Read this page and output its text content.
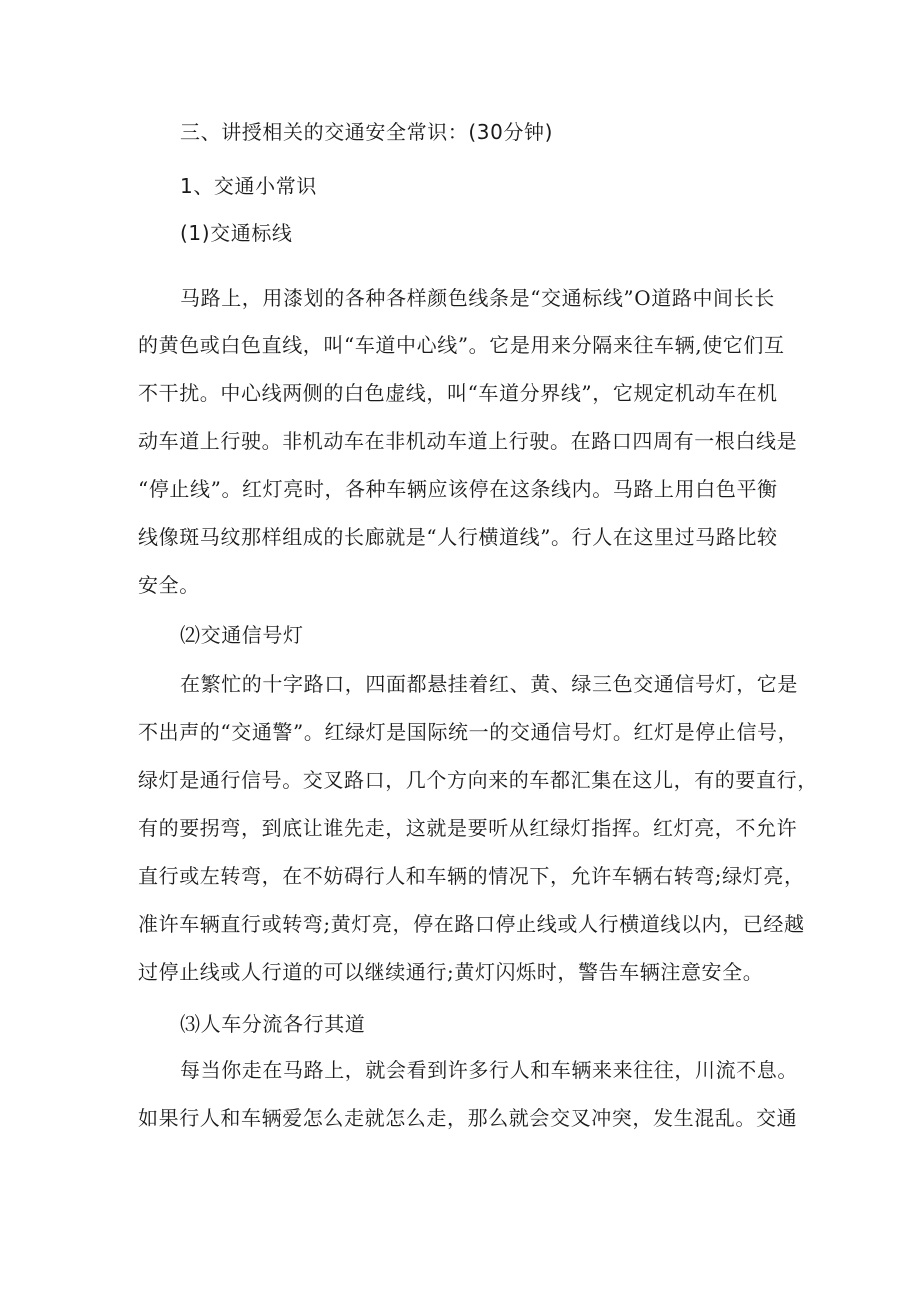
三、讲授相关的交通安全常识：(30分钟)
1、交通小常识
(1)交通标线
马路上，用漆划的各种各样颜色线条是“交通标线”O道路中间长长
的黄色或白色直线，叫“车道中心线”。它是用来分隔来往车辆,使它们互
不干扰。中心线两侧的白色虚线，叫“车道分界线”，它规定机动车在机
动车道上行驶。非机动车在非机动车道上行驶。在路口四周有一根白线是
“停止线”。红灯亮时，各种车辆应该停在这条线内。马路上用白色平衡
线像斑马纹那样组成的长廊就是“人行横道线”。行人在这里过马路比较
安全。
⑵交通信号灯
在繁忙的十字路口，四面都悬挂着红、黄、绿三色交通信号灯，它是
不出声的“交通警”。红绿灯是国际统一的交通信号灯。红灯是停止信号，
绿灯是通行信号。交叉路口，几个方向来的车都汇集在这儿，有的要直行，
有的要拐弯，到底让谁先走，这就是要听从红绿灯指挥。红灯亮，不允许
直行或左转弯，在不妨碍行人和车辆的情况下，允许车辆右转弯;绿灯亮，
准许车辆直行或转弯;黄灯亮，停在路口停止线或人行横道线以内，已经越
过停止线或人行道的可以继续通行;黄灯闪烁时，警告车辆注意安全。
⑶人车分流各行其道
每当你走在马路上，就会看到许多行人和车辆来来往往，川流不息。
如果行人和车辆爱怎么走就怎么走，那么就会交叉冲突，发生混乱。交通
